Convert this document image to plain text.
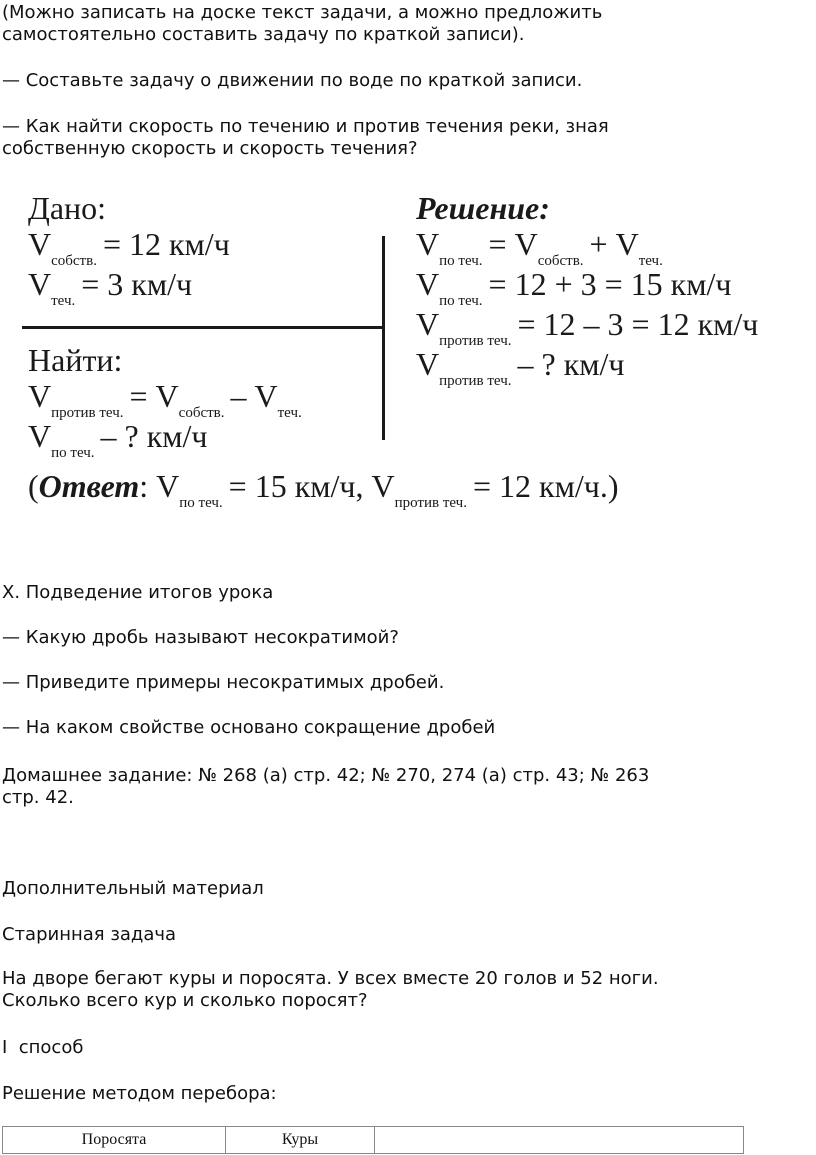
(Можно записать на доске текст задачи, а можно предложить
самостоятельно составить задачу по краткой записи).

— Составьте задачу о движении по воде по краткой записи.

— Как найти скорость по течению и против течения реки, зная
собственную скорость и скорость течения?

Дано:
$V_{собств.} = 12$ км/ч
$V_{теч.} = 3$ км/ч
Найти:
$V_{против теч.} = V_{собств.} - V_{теч.}$
$V_{по теч.}$ – ? км/ч
Решение:
$V_{по теч.} = V_{собств.} + V_{теч.}$
$V_{по теч.} = 12 + 3 = 15$ км/ч
$V_{против теч.} = 12 - 3 = 12$ км/ч
$V_{против теч.}$ – ? км/ч
(Ответ: $V_{по теч.} = 15$ км/ч, $V_{против теч.} = 12$ км/ч.)

X. Подведение итогов урока

— Какую дробь называют несократимой?

— Приведите примеры несократимых дробей.

— На каком свойстве основано сокращение дробей

Домашнее задание: № 268 (а) стр. 42; № 270, 274 (а) стр. 43; № 263
стр. 42.

Дополнительный материал

Старинная задача

На дворе бегают куры и поросята. У всех вместе 20 голов и 52 ноги.
Сколько всего кур и сколько поросят?

I  способ

Решение методом перебора:

Поросята	Куры	
